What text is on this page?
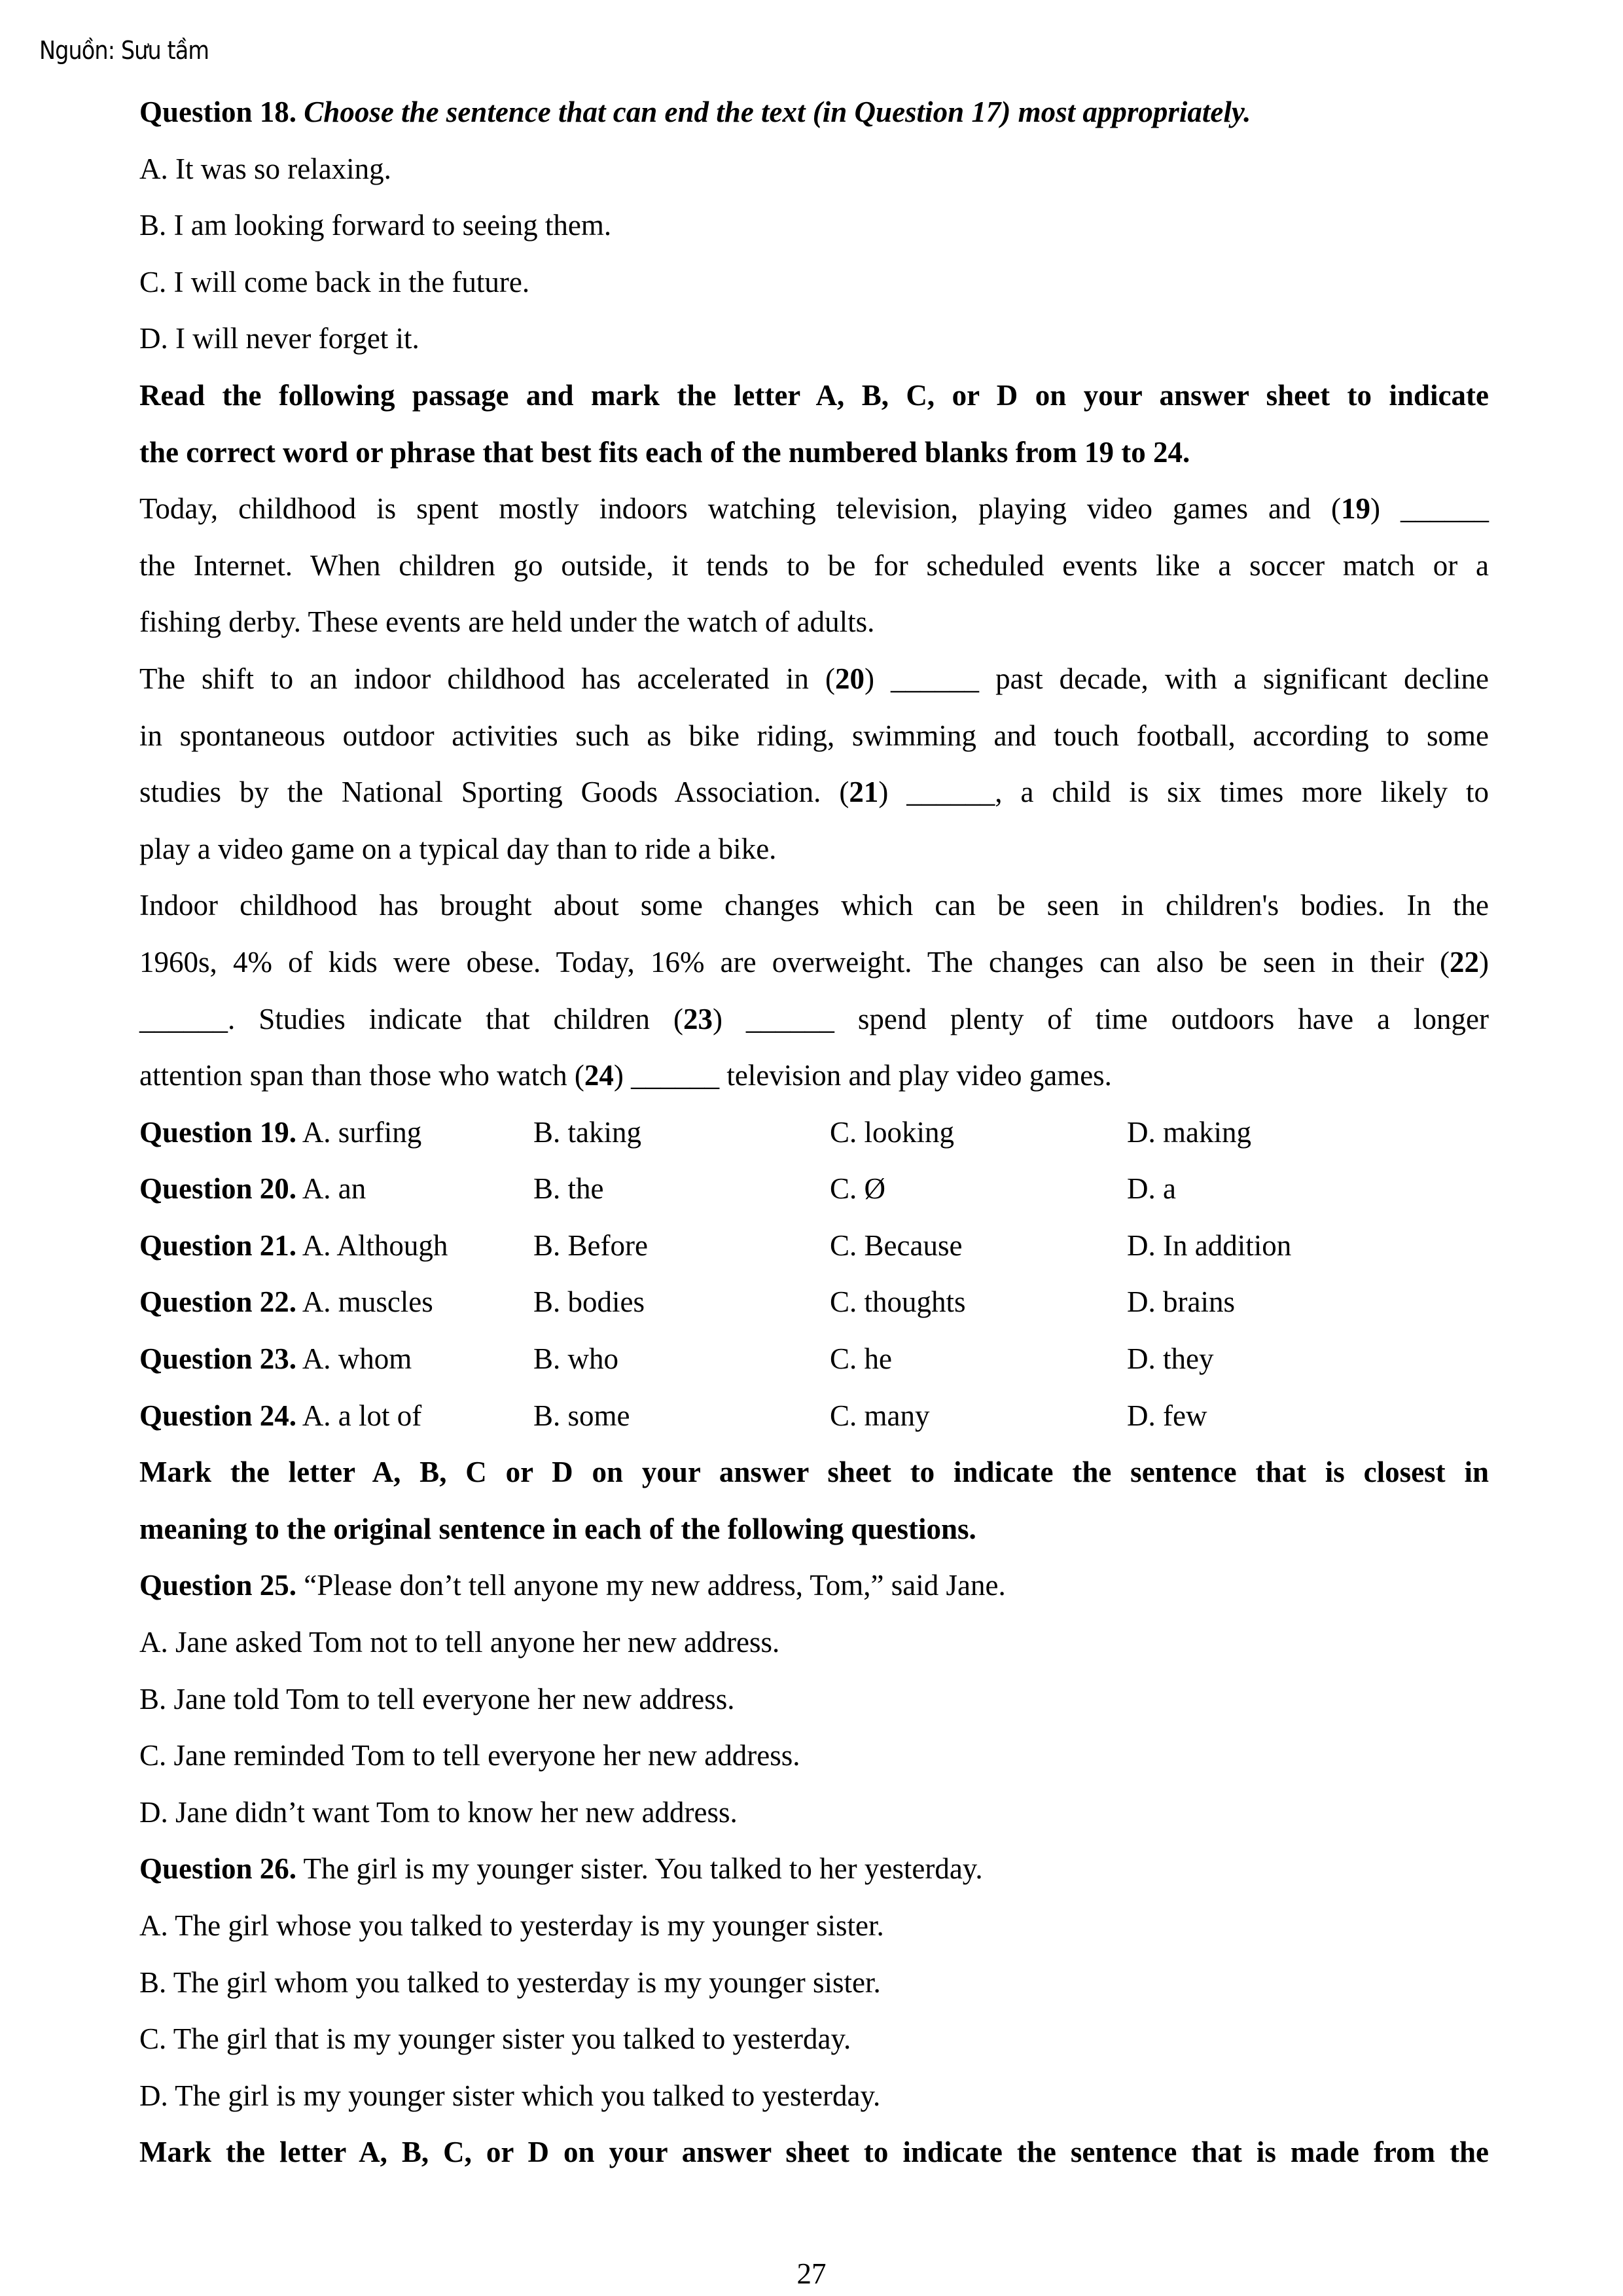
Nguồn: Sưu tầm
Question 18. Choose the sentence that can end the text (in Question 17) most appropriately.
A. It was so relaxing.
B. I am looking forward to seeing them.
C. I will come back in the future.
D. I will never forget it.
Read the following passage and mark the letter A, B, C, or D on your answer sheet to indicate
the correct word or phrase that best fits each of the numbered blanks from 19 to 24.
Today, childhood is spent mostly indoors watching television, playing video games and (19) ______
the Internet. When children go outside, it tends to be for scheduled events like a soccer match or a
fishing derby. These events are held under the watch of adults.
The shift to an indoor childhood has accelerated in (20) ______ past decade, with a significant decline
in spontaneous outdoor activities such as bike riding, swimming and touch football, according to some
studies by the National Sporting Goods Association. (21) ______, a child is six times more likely to
play a video game on a typical day than to ride a bike.
Indoor childhood has brought about some changes which can be seen in children's bodies. In the
1960s, 4% of kids were obese. Today, 16% are overweight. The changes can also be seen in their (22)
______. Studies indicate that children (23) ______ spend plenty of time outdoors have a longer
attention span than those who watch (24) ______ television and play video games.
Question 19. A. surfing	B. taking	C. looking	D. making
Question 20. A. an	B. the	C. Ø	D. a
Question 21. A. Although	B. Before	C. Because	D. In addition
Question 22. A. muscles	B. bodies	C. thoughts	D. brains
Question 23. A. whom	B. who	C. he	D. they
Question 24. A. a lot of	B. some	C. many	D. few
Mark the letter A, B, C or D on your answer sheet to indicate the sentence that is closest in
meaning to the original sentence in each of the following questions.
Question 25. “Please don’t tell anyone my new address, Tom,” said Jane.
A. Jane asked Tom not to tell anyone her new address.
B. Jane told Tom to tell everyone her new address.
C. Jane reminded Tom to tell everyone her new address.
D. Jane didn’t want Tom to know her new address.
Question 26. The girl is my younger sister. You talked to her yesterday.
A. The girl whose you talked to yesterday is my younger sister.
B. The girl whom you talked to yesterday is my younger sister.
C. The girl that is my younger sister you talked to yesterday.
D. The girl is my younger sister which you talked to yesterday.
Mark the letter A, B, C, or D on your answer sheet to indicate the sentence that is made from the
27
